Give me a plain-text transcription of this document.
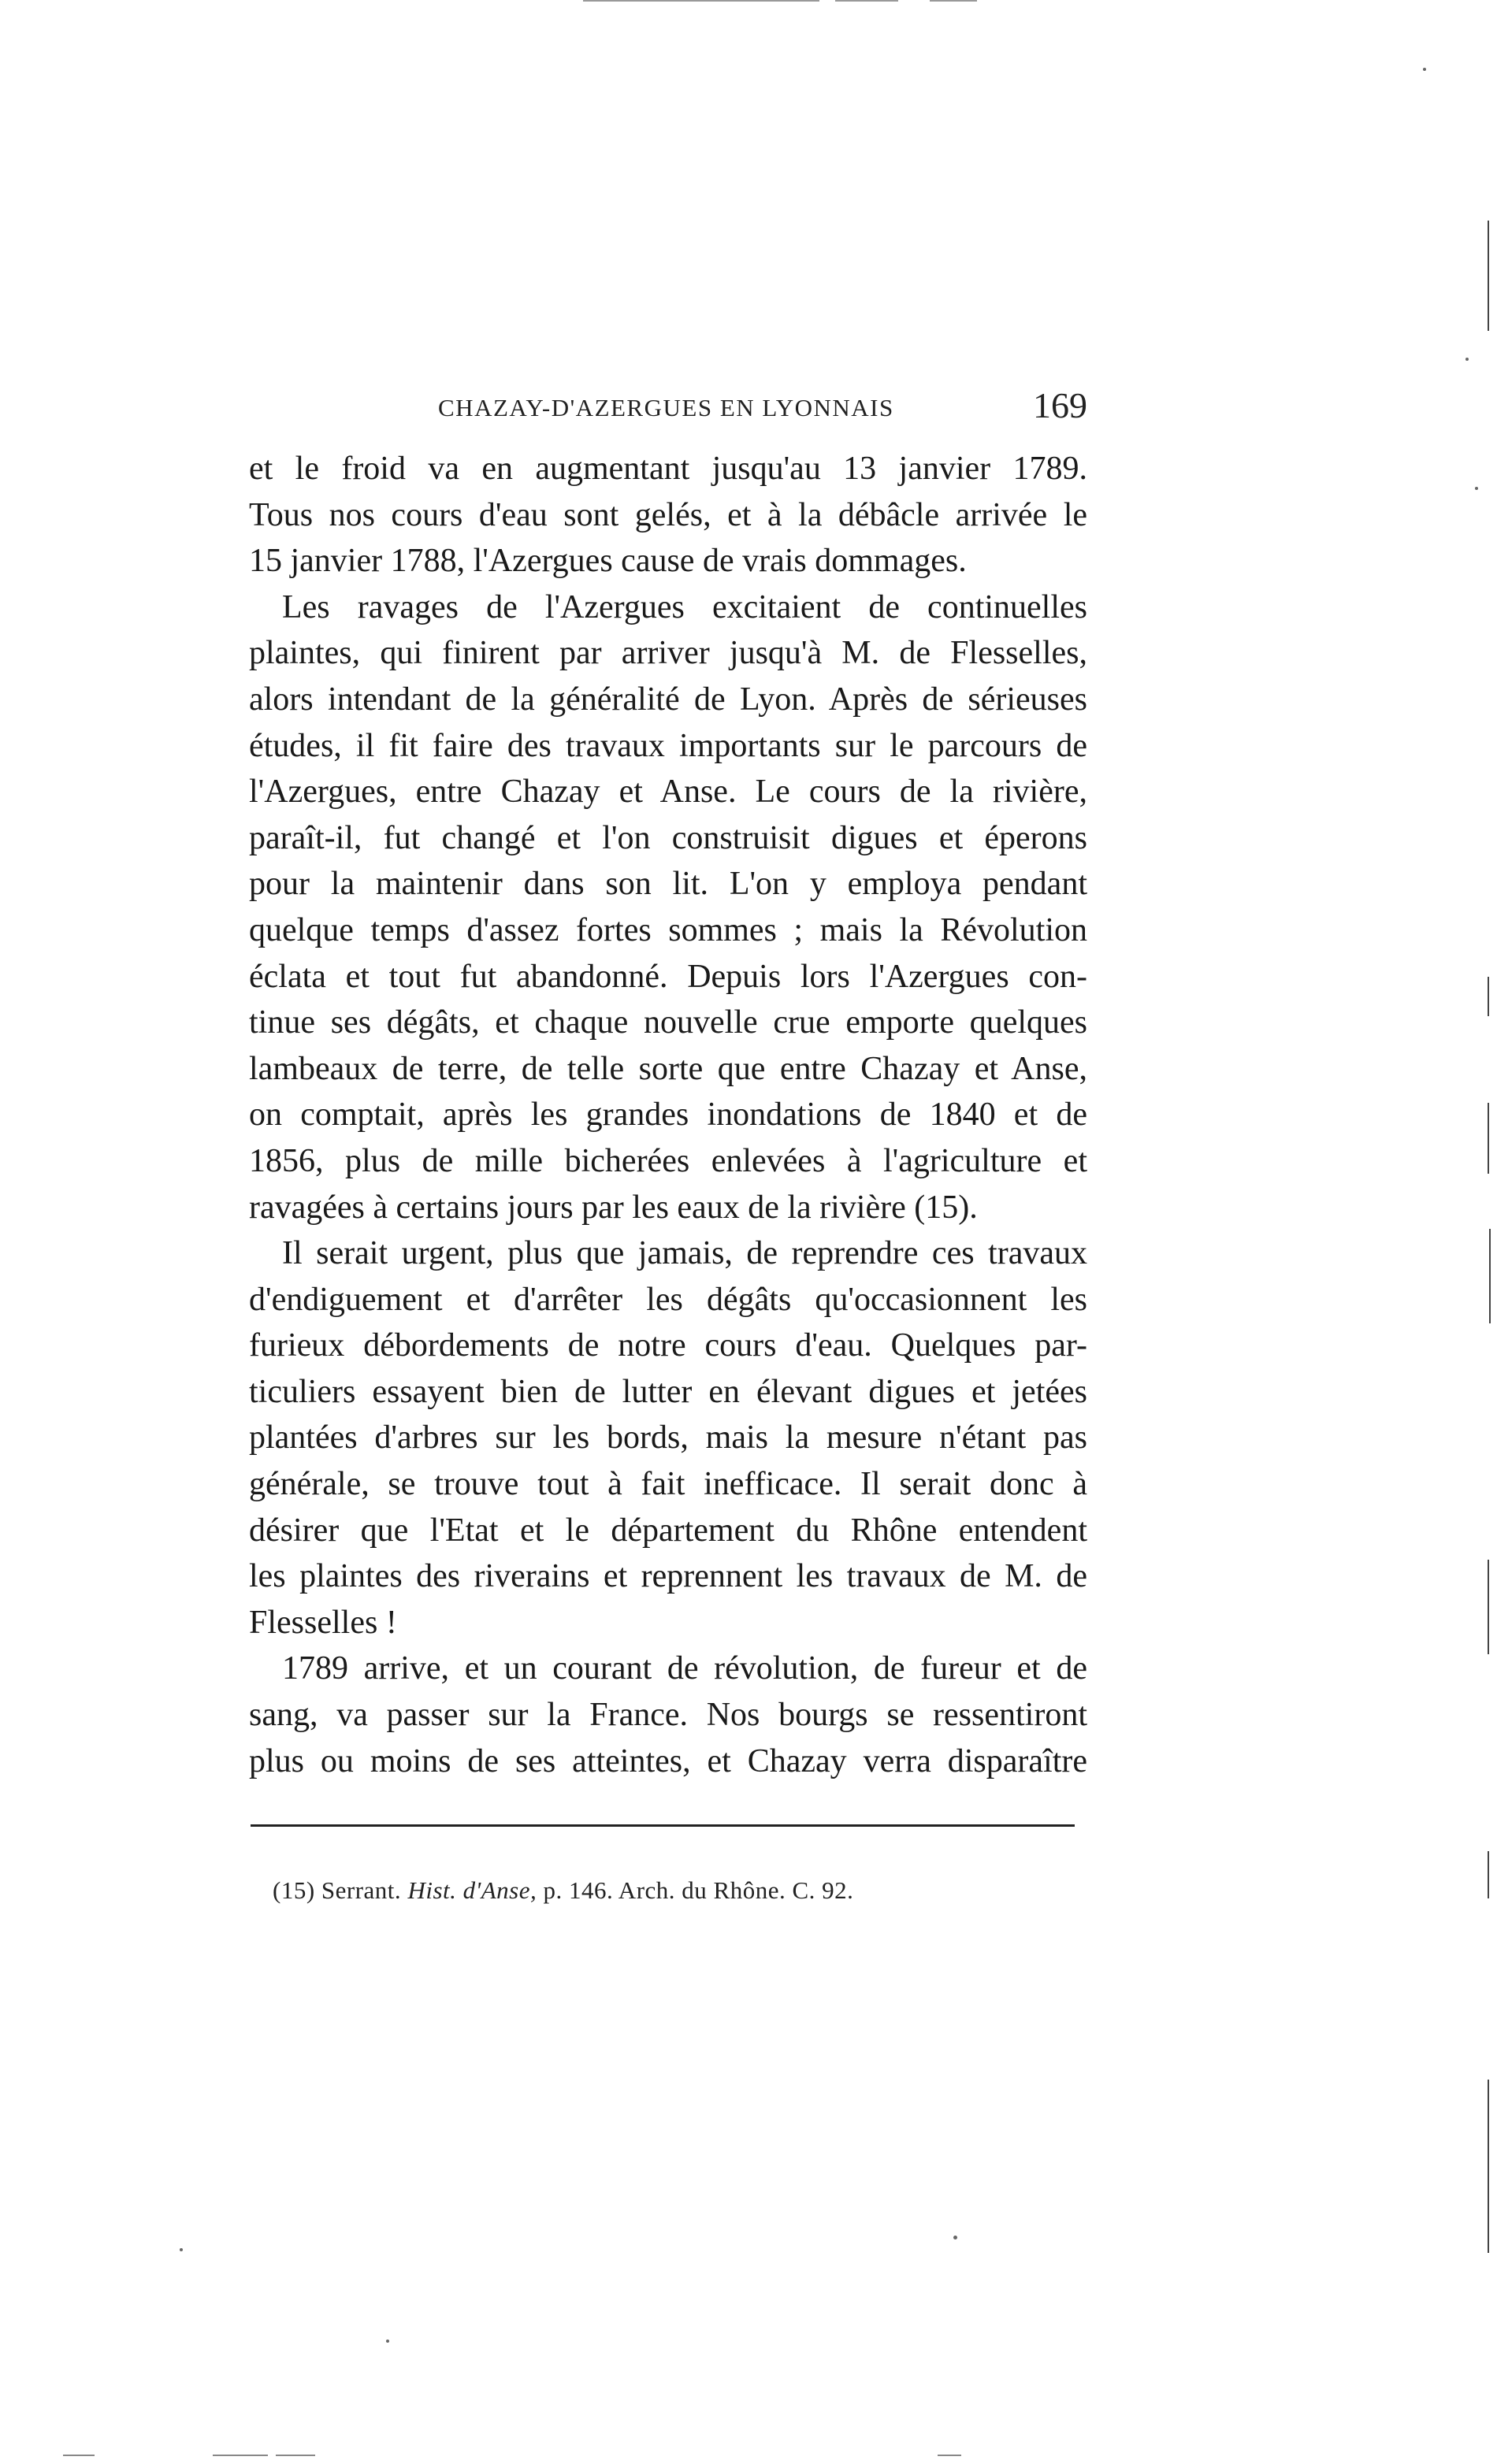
CHAZAY-D'AZERGUES EN LYONNAIS	169
et le froid va en augmentant jusqu'au 13 janvier 1789.
Tous nos cours d'eau sont gelés, et à la débâcle arrivée le
15 janvier 1788, l'Azergues cause de vrais dommages.
Les ravages de l'Azergues excitaient de continuelles
plaintes, qui finirent par arriver jusqu'à M. de Flesselles,
alors intendant de la généralité de Lyon. Après de sérieuses
études, il fit faire des travaux importants sur le parcours de
l'Azergues, entre Chazay et Anse. Le cours de la rivière,
paraît-il, fut changé et l'on construisit digues et éperons
pour la maintenir dans son lit. L'on y employa pendant
quelque temps d'assez fortes sommes ; mais la Révolution
éclata et tout fut abandonné. Depuis lors l'Azergues con-
tinue ses dégâts, et chaque nouvelle crue emporte quelques
lambeaux de terre, de telle sorte que entre Chazay et Anse,
on comptait, après les grandes inondations de 1840 et de
1856, plus de mille bicherées enlevées à l'agriculture et
ravagées à certains jours par les eaux de la rivière (15).
Il serait urgent, plus que jamais, de reprendre ces travaux
d'endiguement et d'arrêter les dégâts qu'occasionnent les
furieux débordements de notre cours d'eau. Quelques par-
ticuliers essayent bien de lutter en élevant digues et jetées
plantées d'arbres sur les bords, mais la mesure n'étant pas
générale, se trouve tout à fait inefficace. Il serait donc à
désirer que l'Etat et le département du Rhône entendent
les plaintes des riverains et reprennent les travaux de M. de
Flesselles !
1789 arrive, et un courant de révolution, de fureur et de
sang, va passer sur la France. Nos bourgs se ressentiront
plus ou moins de ses atteintes, et Chazay verra disparaître
(15) Serrant. Hist. d'Anse, p. 146. Arch. du Rhône. C. 92.
